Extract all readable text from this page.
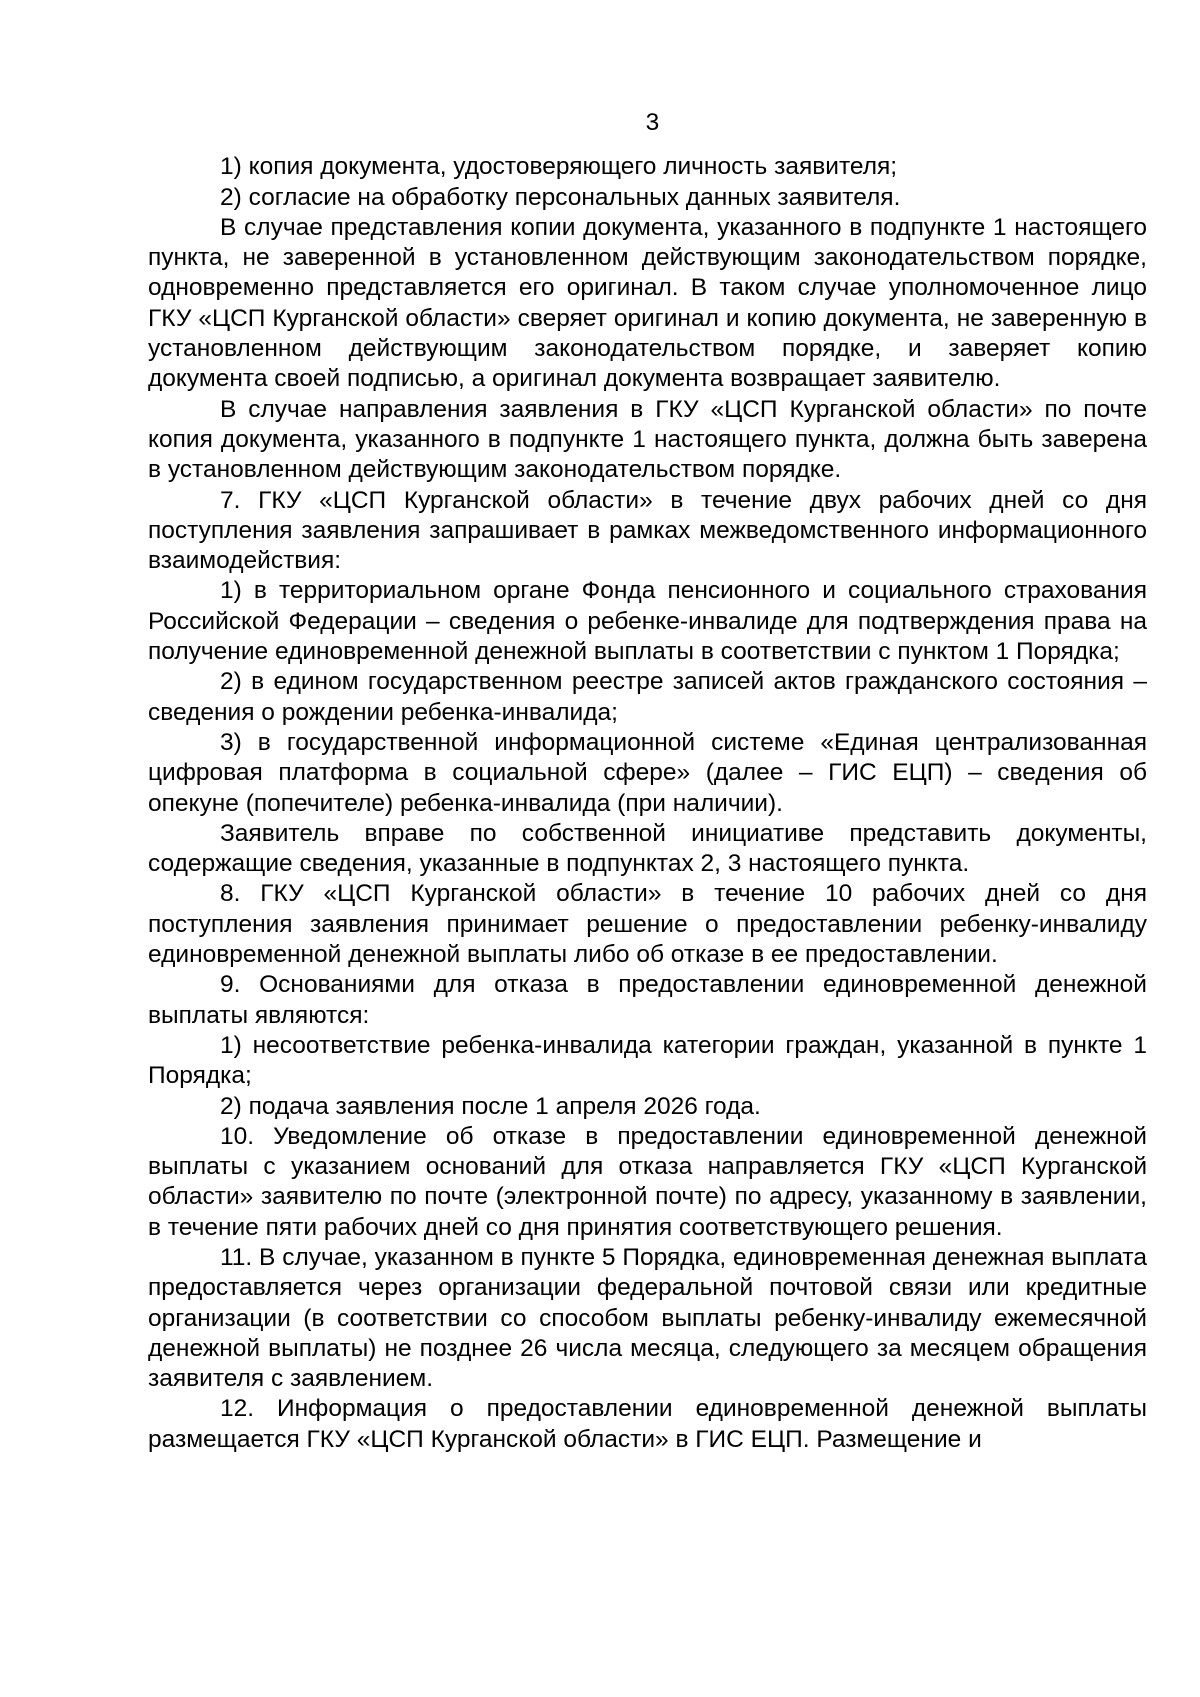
3

1) копия документа, удостоверяющего личность заявителя;

2) согласие на обработку персональных данных заявителя.

В случае представления копии документа, указанного в подпункте 1 настоящего пункта, не заверенной в установленном действующим законодательством порядке, одновременно представляется его оригинал. В таком случае уполномоченное лицо ГКУ «ЦСП Курганской области» сверяет оригинал и копию документа, не заверенную в установленном действующим законодательством порядке, и заверяет копию документа своей подписью, а оригинал документа возвращает заявителю.

В случае направления заявления в ГКУ «ЦСП Курганской области» по почте копия документа, указанного в подпункте 1 настоящего пункта, должна быть заверена в установленном действующим законодательством порядке.

7. ГКУ «ЦСП Курганской области» в течение двух рабочих дней со дня поступления заявления запрашивает в рамках межведомственного информационного взаимодействия:

1) в территориальном органе Фонда пенсионного и социального страхования Российской Федерации – сведения о ребенке-инвалиде для подтверждения права на получение единовременной денежной выплаты в соответствии с пунктом 1 Порядка;

2) в едином государственном реестре записей актов гражданского состояния – сведения о рождении ребенка-инвалида;

3) в государственной информационной системе «Единая централизованная цифровая платформа в социальной сфере» (далее – ГИС ЕЦП) – сведения об опекуне (попечителе) ребенка-инвалида (при наличии).

Заявитель вправе по собственной инициативе представить документы, содержащие сведения, указанные в подпунктах 2, 3 настоящего пункта.

8. ГКУ «ЦСП Курганской области» в течение 10 рабочих дней со дня поступления заявления принимает решение о предоставлении ребенку-инвалиду единовременной денежной выплаты либо об отказе в ее предоставлении.

9. Основаниями для отказа в предоставлении единовременной денежной выплаты являются:

1) несоответствие ребенка-инвалида категории граждан, указанной в пункте 1 Порядка;

2) подача заявления после 1 апреля 2026 года.

10. Уведомление об отказе в предоставлении единовременной денежной выплаты с указанием оснований для отказа направляется ГКУ «ЦСП Курганской области» заявителю по почте (электронной почте) по адресу, указанному в заявлении, в течение пяти рабочих дней со дня принятия соответствующего решения.

11. В случае, указанном в пункте 5 Порядка, единовременная денежная выплата предоставляется через организации федеральной почтовой связи или кредитные организации (в соответствии со способом выплаты ребенку-инвалиду ежемесячной денежной выплаты) не позднее 26 числа месяца, следующего за месяцем обращения заявителя с заявлением.

12. Информация о предоставлении единовременной денежной выплаты размещается ГКУ «ЦСП Курганской области» в ГИС ЕЦП. Размещение и
